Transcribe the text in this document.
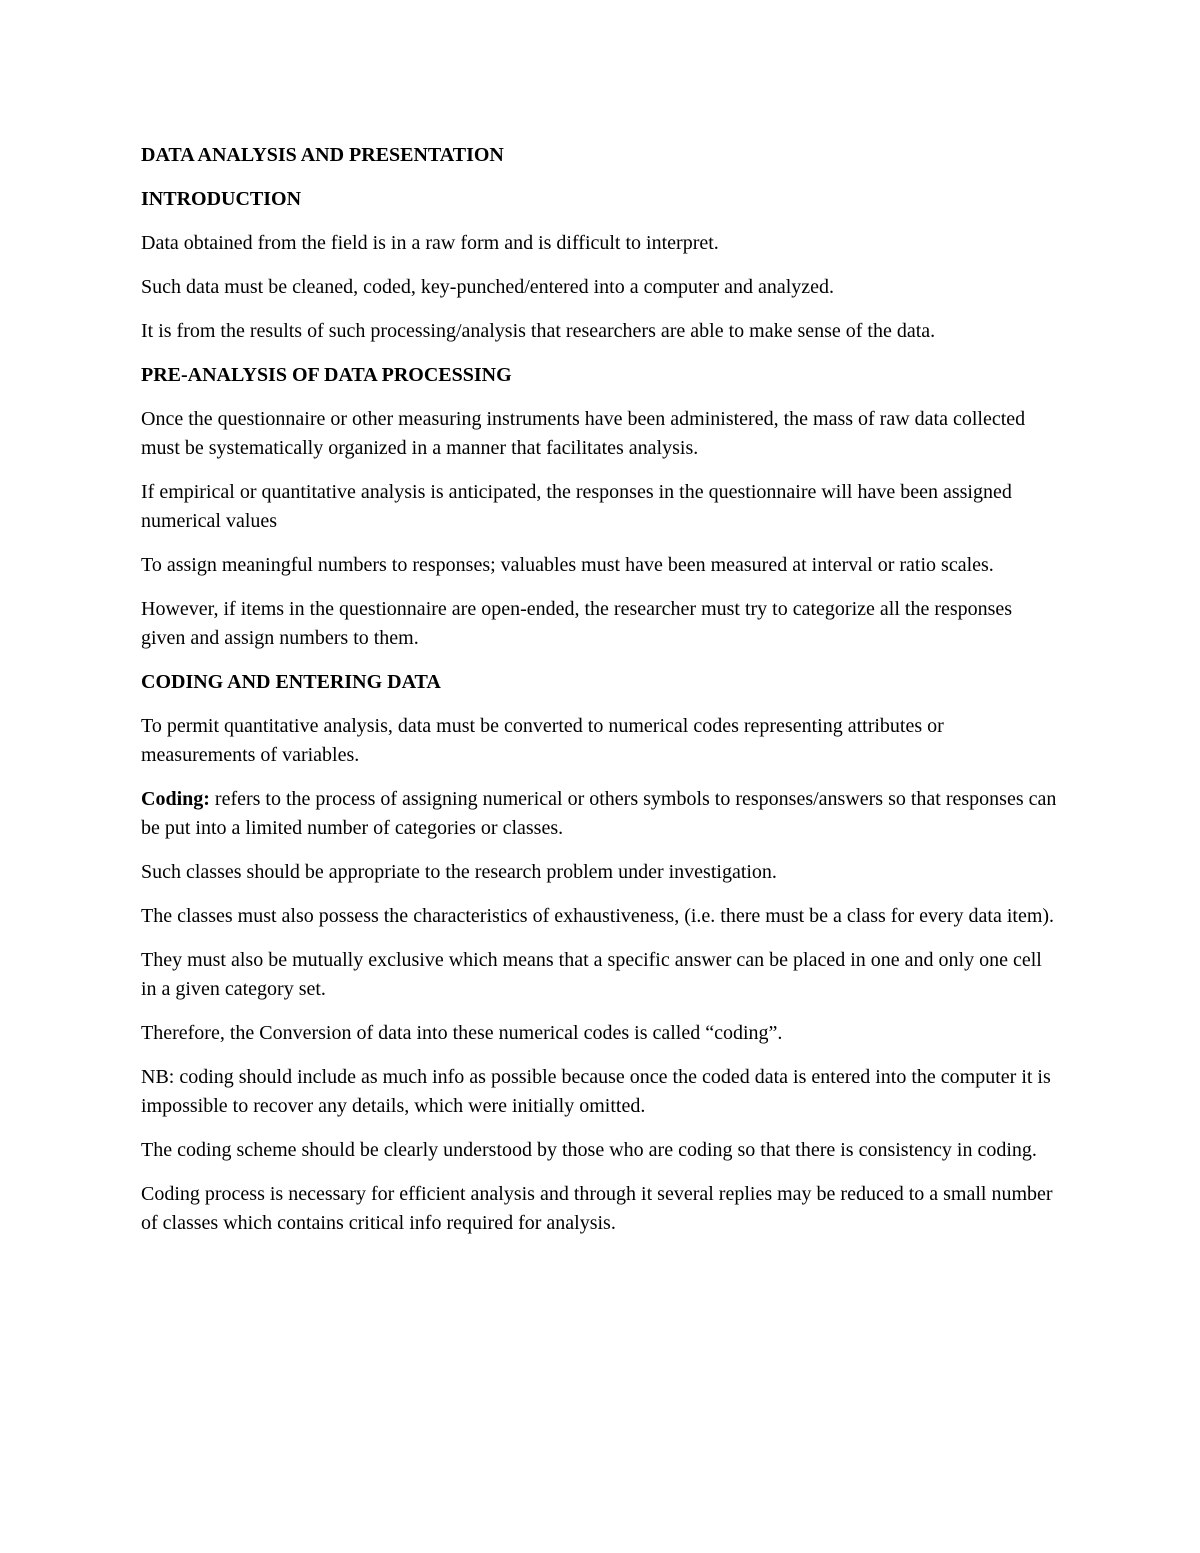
DATA ANALYSIS AND PRESENTATION
INTRODUCTION
Data obtained from the field is in a raw form and is difficult to interpret.
Such data must be cleaned, coded, key-punched/entered into a computer and analyzed.
It is from the results of such processing/analysis that researchers are able to make sense of the data.
PRE-ANALYSIS OF DATA PROCESSING
Once the questionnaire or other measuring instruments have been administered, the mass of raw data collected must be systematically organized in a manner that facilitates analysis.
If empirical or quantitative analysis is anticipated, the responses in the questionnaire will have been assigned numerical values
To assign meaningful numbers to responses; valuables must have been measured at interval or ratio scales.
However, if items in the questionnaire are open-ended, the researcher must try to categorize all the responses given and assign numbers to them.
CODING AND ENTERING DATA
To permit quantitative analysis, data must be converted to numerical codes representing attributes or measurements of variables.
Coding: refers to the process of assigning numerical or others symbols to responses/answers so that responses can be put into a limited number of categories or classes.
Such classes should be appropriate to the research problem under investigation.
The classes must also possess the characteristics of exhaustiveness, (i.e. there must be a class for every data item).
They must also be mutually exclusive which means that a specific answer can be placed in one and only one cell in a given category set.
Therefore, the Conversion of data into these numerical codes is called “coding”.
NB: coding should include as much info as possible because once the coded data is entered into the computer it is impossible to recover any details, which were initially omitted.
The coding scheme should be clearly understood by those who are coding so that there is consistency in coding.
Coding process is necessary for efficient analysis and through it several replies may be reduced to a small number of classes which contains critical info required for analysis.
